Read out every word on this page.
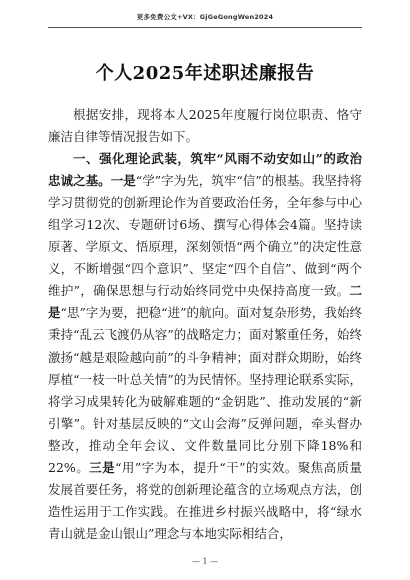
更多免费公文+VX：GjGeGongWen2024
个人2025年述职述廉报告

根据安排，现将本人2025年度履行岗位职责、恪守廉洁自律等情况报告如下。

一、强化理论武装，筑牢“风雨不动安如山”的政治忠诚之基。一是“学”字为先，筑牢“信”的根基。我坚持将学习贯彻党的创新理论作为首要政治任务，全年参与中心组学习12次、专题研讨6场、撰写心得体会4篇。坚持读原著、学原文、悟原理，深刻领悟“两个确立”的决定性意义，不断增强“四个意识”、坚定“四个自信”、做到“两个维护”，确保思想与行动始终同党中央保持高度一致。二是“思”字为要，把稳“进”的航向。面对复杂形势，我始终秉持“乱云飞渡仍从容”的战略定力；面对繁重任务，始终激扬“越是艰险越向前”的斗争精神；面对群众期盼，始终厚植“一枝一叶总关情”的为民情怀。坚持理论联系实际，将学习成果转化为破解难题的“金钥匙”、推动发展的“新引擎”。针对基层反映的“文山会海”反弹问题，牵头督办整改，推动全年会议、文件数量同比分别下降18%和22%。三是“用”字为本，提升“干”的实效。聚焦高质量发展首要任务，将党的创新理论蕴含的立场观点方法，创造性运用于工作实践。在推进乡村振兴战略中，将“绿水青山就是金山银山”理念与本地实际相结合，

— 1 —
